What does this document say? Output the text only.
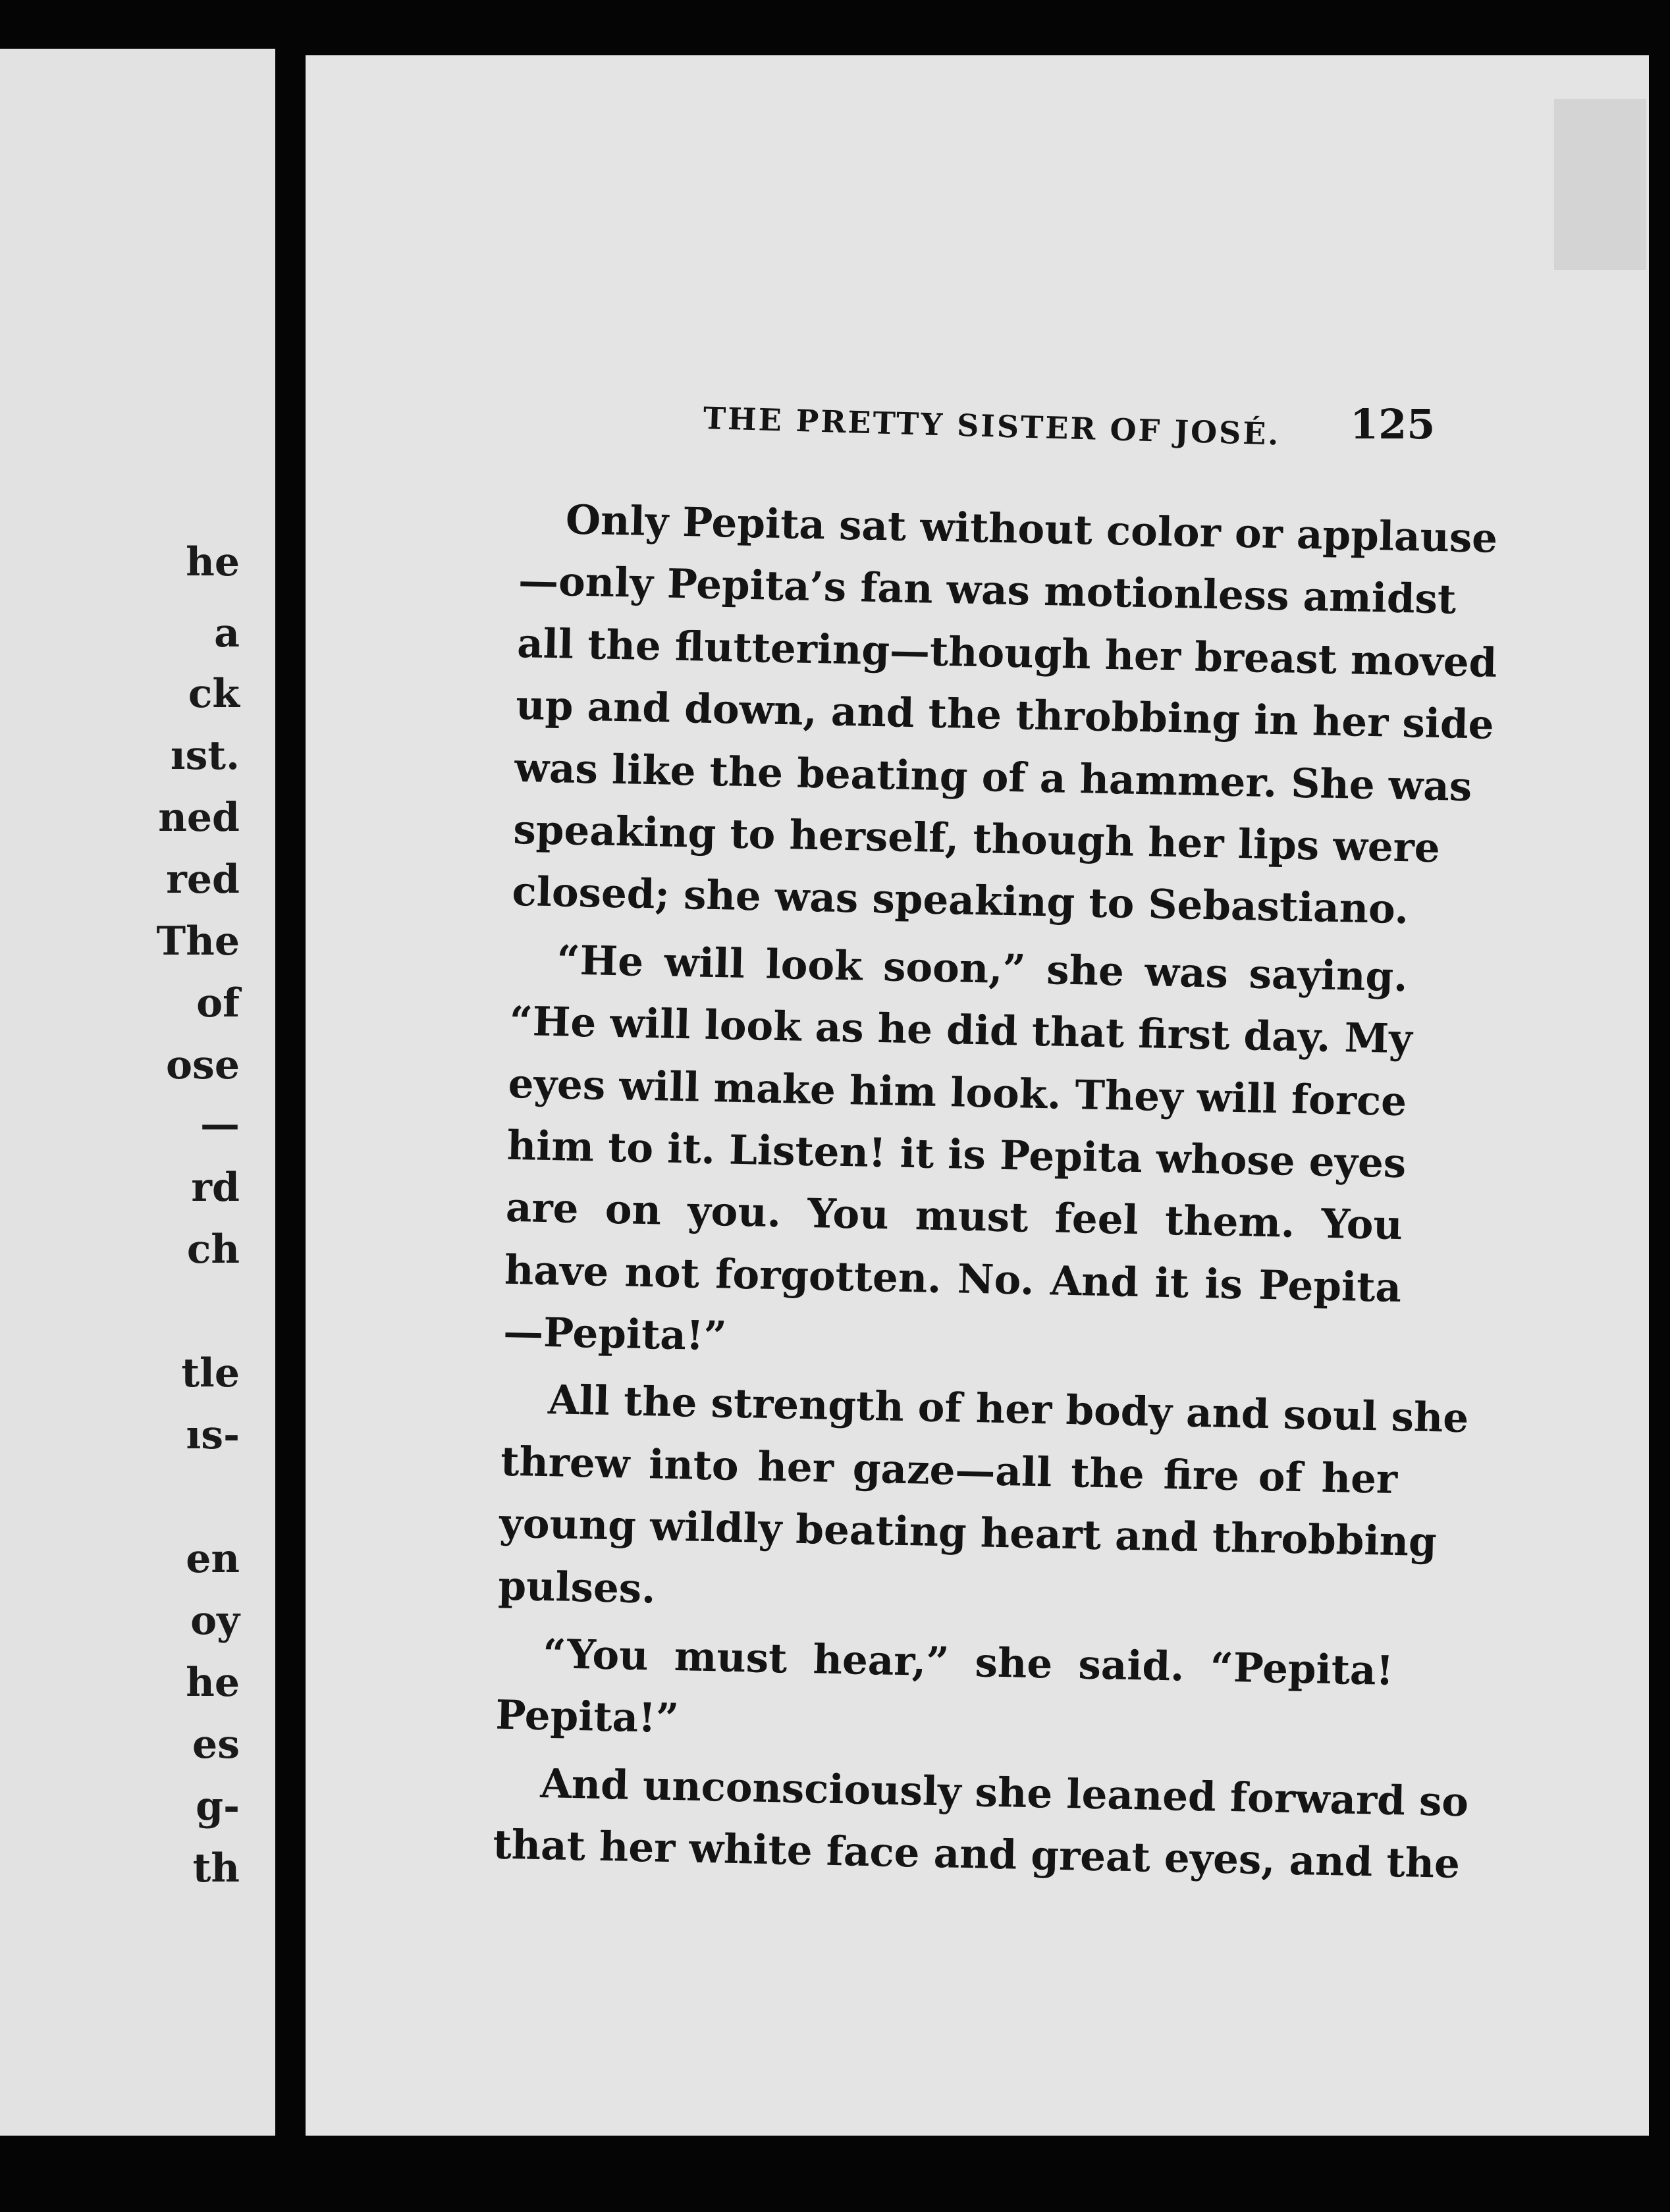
he
a
ck
ıst.
ned
red
The
of
ose
—
rd
ch
tle
ıs-
en
oy
he
es
g-
th
THE PRETTY SISTER OF JOSÉ. 125
Only Pepita sat without color or applause
—only Pepita’s fan was motionless amidst
all the fluttering—though her breast moved
up and down, and the throbbing in her side
was like the beating of a hammer. She was
speaking to herself, though her lips were
closed; she was speaking to Sebastiano.
“He will look soon,” she was saying.
“He will look as he did that first day. My
eyes will make him look. They will force
him to it. Listen! it is Pepita whose eyes
are on you. You must feel them. You
have not forgotten. No. And it is Pepita
—Pepita!”
All the strength of her body and soul she
threw into her gaze—all the fire of her
young wildly beating heart and throbbing
pulses.
“You must hear,” she said. “Pepita!
Pepita!”
And unconsciously she leaned forward so
that her white face and great eyes, and the
